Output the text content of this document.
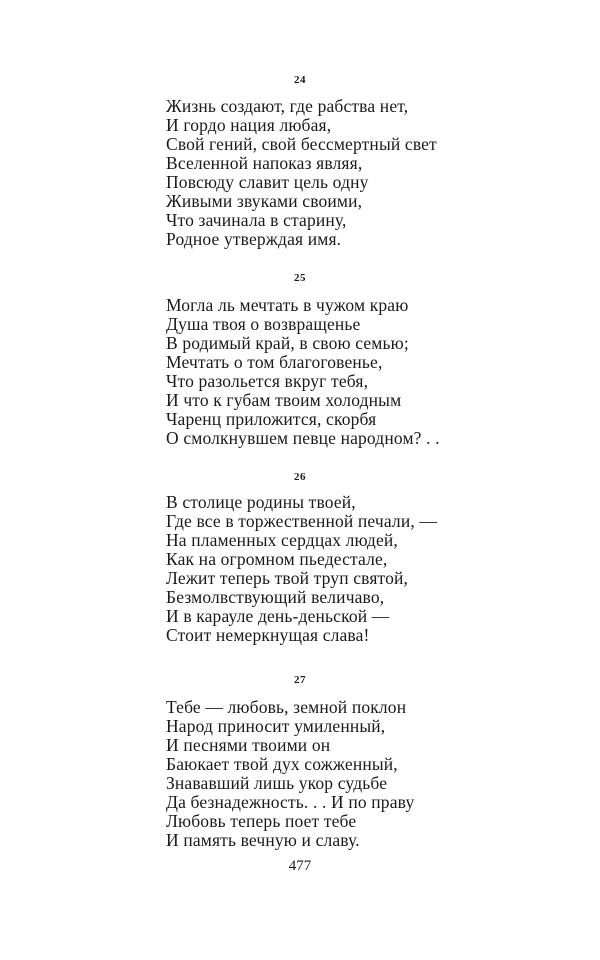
24
Жизнь создают, где рабства нет,
И гордо нация любая,
Свой гений, свой бессмертный свет
Вселенной напоказ являя,
Повсюду славит цель одну
Живыми звуками своими,
Что зачинала в старину,
Родное утверждая имя.
25
Могла ль мечтать в чужом краю
Душа твоя о возвращенье
В родимый край, в свою семью;
Мечтать о том благоговенье,
Что разольется вкруг тебя,
И что к губам твоим холодным
Чаренц приложится, скорбя
О смолкнувшем певце народном? . .
26
В столице родины твоей,
Где все в торжественной печали, —
На пламенных сердцах людей,
Как на огромном пьедестале,
Лежит теперь твой труп святой,
Безмолвствующий величаво,
И в карауле день-деньской —
Стоит немеркнущая слава!
27
Тебе — любовь, земной поклон
Народ приносит умиленный,
И песнями твоими он
Баюкает твой дух сожженный,
Знававший лишь укор судьбе
Да безнадежность. . . И по праву
Любовь теперь поет тебе
И память вечную и славу.
477
